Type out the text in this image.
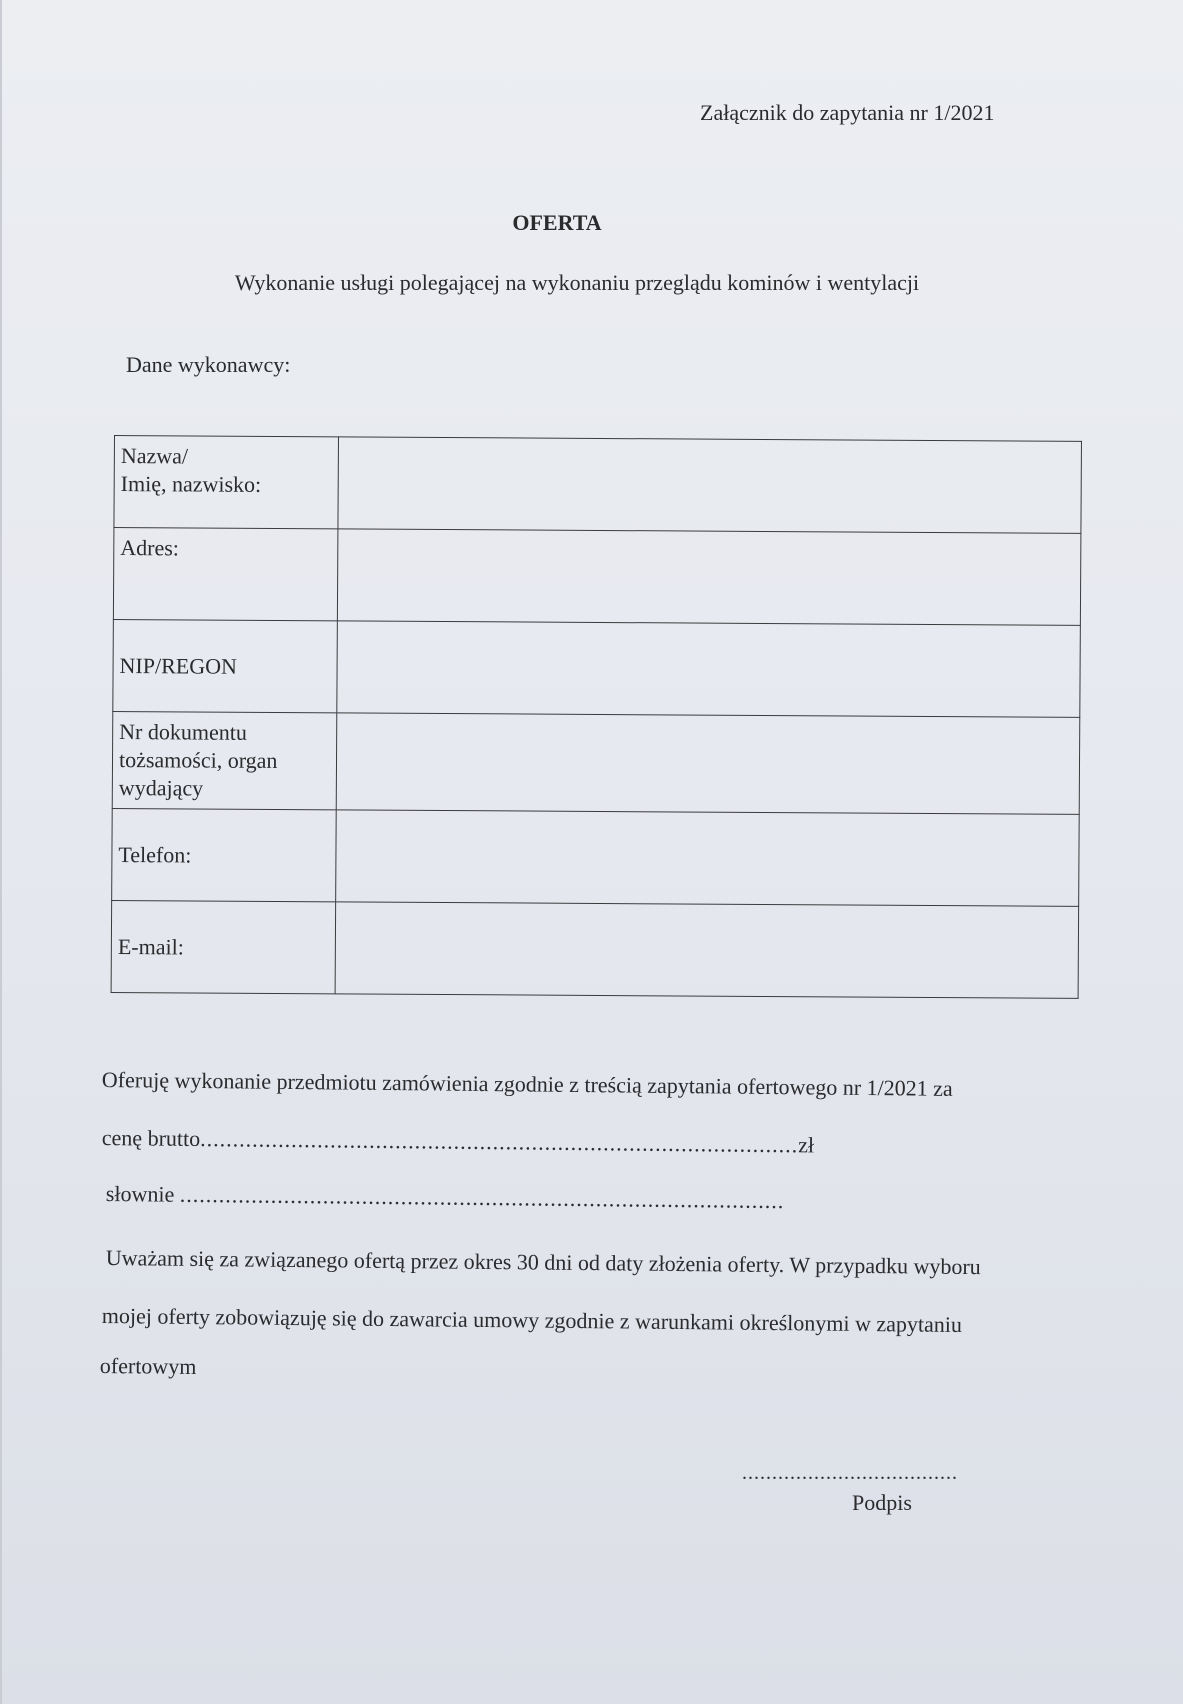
Załącznik do zapytania nr 1/2021
OFERTA
Wykonanie usługi polegającej na wykonaniu przeglądu kominów i wentylacji
Dane wykonawcy:
Nazwa/
Imię, nazwisko:	

Adres:	

NIP/REGON	

Nr dokumentu
tożsamości, organ
wydający	

Telefon:	

E-mail:	

Oferuję wykonanie przedmiotu zamówienia zgodnie z treścią zapytania ofertowego nr 1/2021 za
cenę brutto............................................................................................zł
słownie .............................................................................................
Uważam się za związanego ofertą przez okres 30 dni od daty złożenia oferty. W przypadku wyboru
mojej oferty zobowiązuję się do zawarcia umowy zgodnie z warunkami określonymi w zapytaniu
ofertowym
....................................
Podpis
